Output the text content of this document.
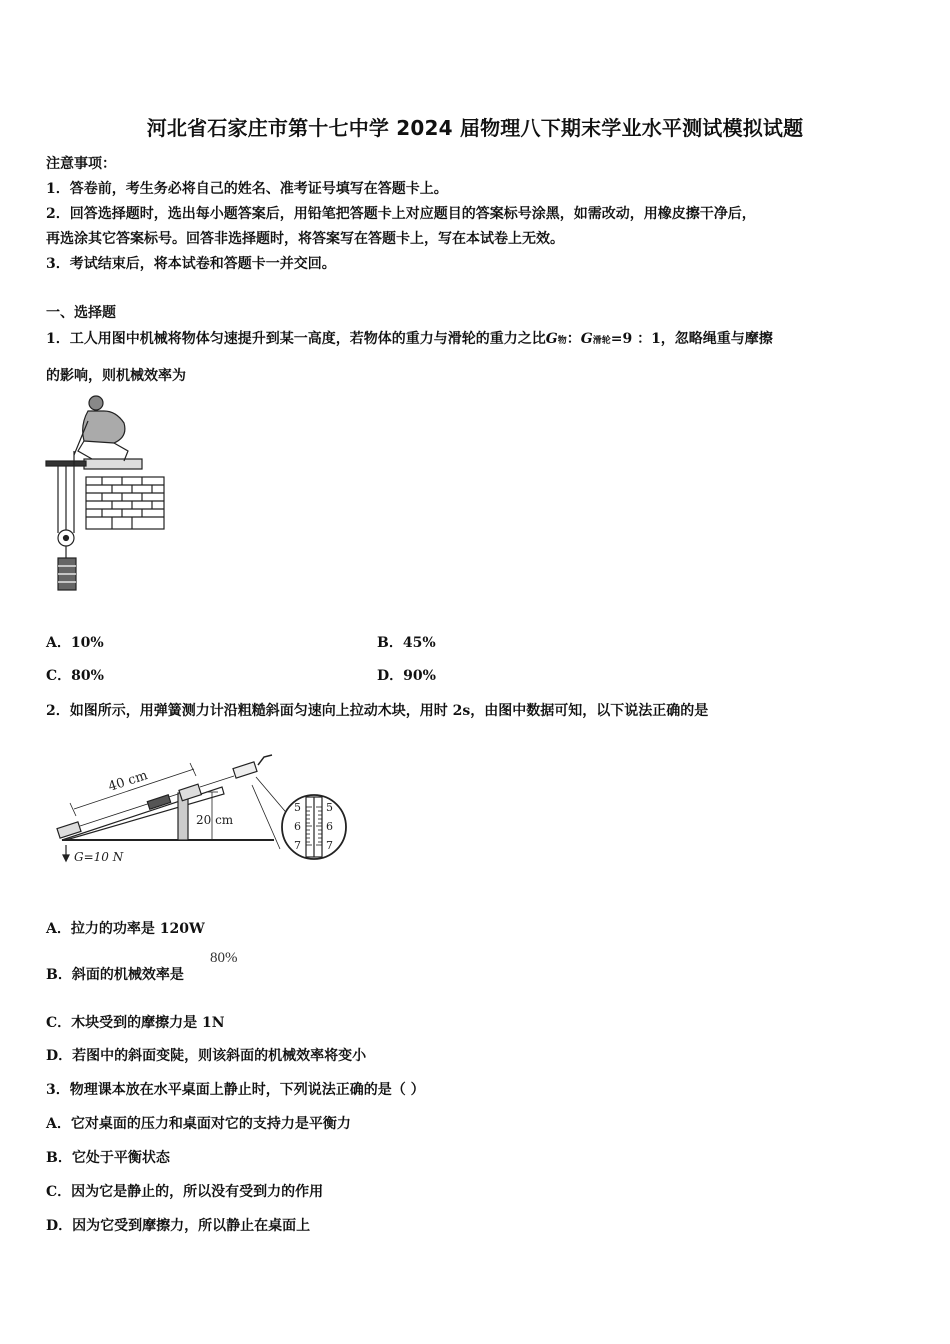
河北省石家庄市第十七中学 2024 届物理八下期末学业水平测试模拟试题
注意事项：
1．答卷前，考生务必将自己的姓名、准考证号填写在答题卡上。
2．回答选择题时，选出每小题答案后，用铅笔把答题卡上对应题目的答案标号涂黑，如需改动，用橡皮擦干净后，
再选涂其它答案标号。回答非选择题时，将答案写在答题卡上，写在本试卷上无效。
3．考试结束后，将本试卷和答题卡一并交回。
一、选择题
1．工人用图中机械将物体匀速提升到某一高度，若物体的重力与滑轮的重力之比G物：G滑轮=9 ：1，忽略绳重与摩擦
的影响，则机械效率为
A．10%	B．45%
C．80%	D．90%
2．如图所示，用弹簧测力计沿粗糙斜面匀速向上拉动木块，用时 2s，由图中数据可知，以下说法正确的是
20 cm
40 cm
G=10 N
5
6
7
5
6
7
A．拉力的功率是 120W
B．斜面的机械效率是
80%
C．木块受到的摩擦力是 1N
D．若图中的斜面变陡，则该斜面的机械效率将变小
3．物理课本放在水平桌面上静止时，下列说法正确的是（ ）
A．它对桌面的压力和桌面对它的支持力是平衡力
B．它处于平衡状态
C．因为它是静止的，所以没有受到力的作用
D．因为它受到摩擦力，所以静止在桌面上
